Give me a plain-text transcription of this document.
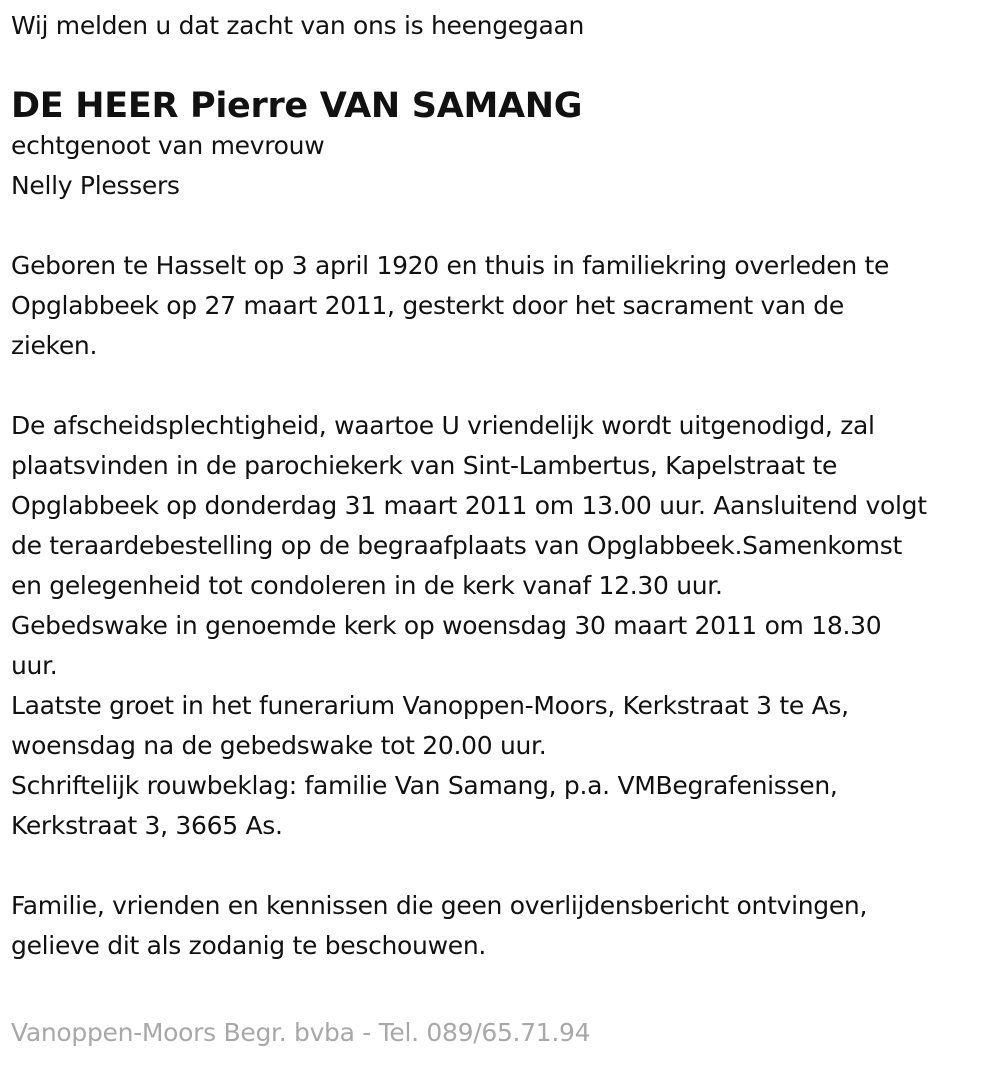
Wij melden u dat zacht van ons is heengegaan
DE HEER Pierre VAN SAMANG
echtgenoot van mevrouw
Nelly Plessers
Geboren te Hasselt op 3 april 1920 en thuis in familiekring overleden te
Opglabbeek op 27 maart 2011, gesterkt door het sacrament van de
zieken.
De afscheidsplechtigheid, waartoe U vriendelijk wordt uitgenodigd, zal
plaatsvinden in de parochiekerk van Sint-Lambertus, Kapelstraat te
Opglabbeek op donderdag 31 maart 2011 om 13.00 uur. Aansluitend volgt
de teraardebestelling op de begraafplaats van Opglabbeek.Samenkomst
en gelegenheid tot condoleren in de kerk vanaf 12.30 uur.
Gebedswake in genoemde kerk op woensdag 30 maart 2011 om 18.30
uur.
Laatste groet in het funerarium Vanoppen-Moors, Kerkstraat 3 te As,
woensdag na de gebedswake tot 20.00 uur.
Schriftelijk rouwbeklag: familie Van Samang, p.a. VMBegrafenissen,
Kerkstraat 3, 3665 As.
Familie, vrienden en kennissen die geen overlijdensbericht ontvingen,
gelieve dit als zodanig te beschouwen.
Vanoppen-Moors Begr. bvba - Tel. 089/65.71.94
